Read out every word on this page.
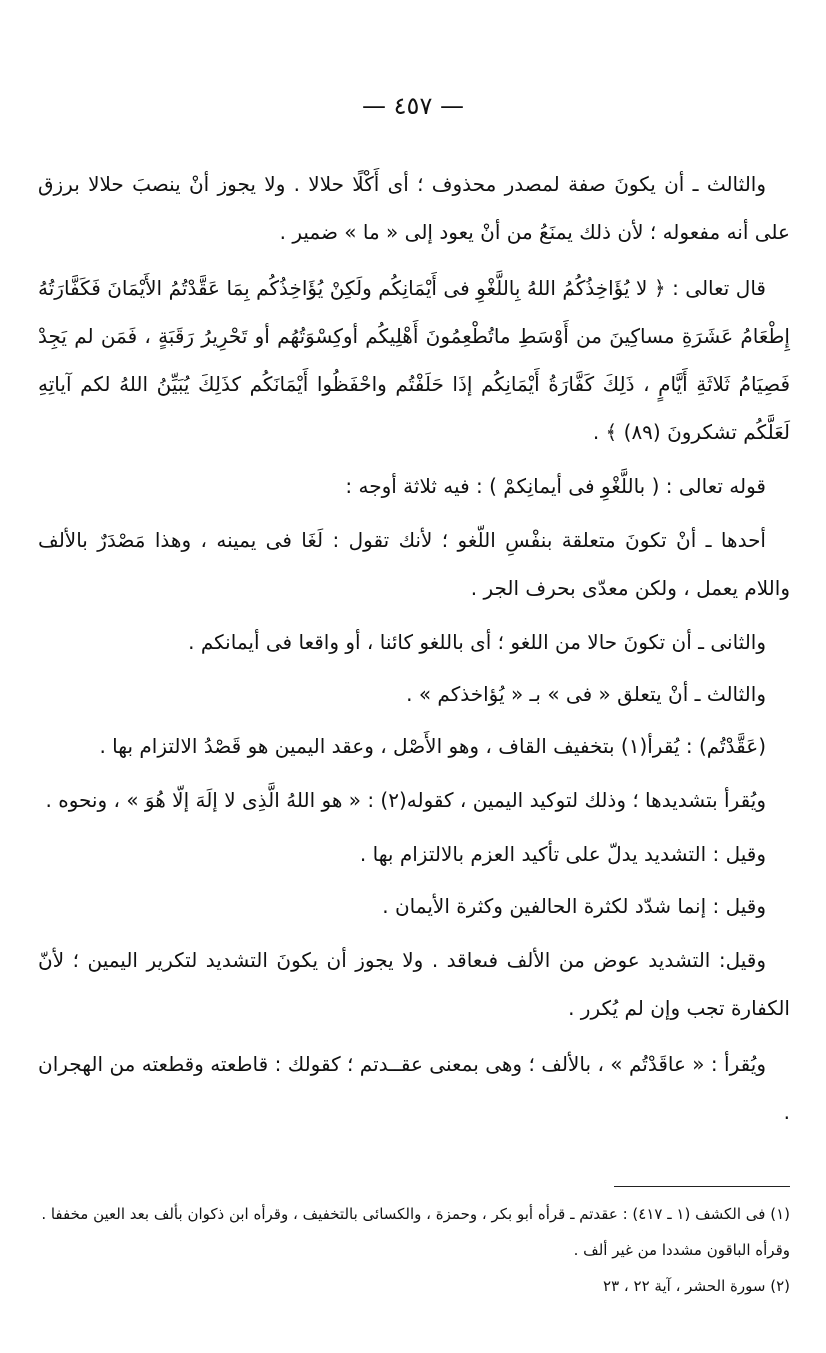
— ٤٥٧ —

والثالث ـ أن يكونَ صفة لمصدر محذوف ؛ أى أَكْلًا حلالا . ولا يجوز أنْ ينصبَ حلالا برزق على أنه مفعوله ؛ لأن ذلك يمنَعُ من أنْ يعود إلى « ما » ضمير .

قال تعالى : ﴿ لا يُؤَاخِذُكُمُ اللهُ بِاللَّغْوِ فى أَيْمَانِكُم ولَكِنْ يُؤَاخِذُكُم بِمَا عَقَّدْتُمُ الأَيْمَانَ فَكَفَّارَتُهُ إِطْعَامُ عَشَرَةِ مساكِينَ من أَوْسَطِ ماتُطْعِمُونَ أَهْلِيكُم أوكِسْوَتُهُم أو تَحْرِيرُ رَقَبَةٍ ، فَمَن لم يَجِدْ فَصِيَامُ ثَلاثَةِ أَيَّامٍ ، ذَلِكَ كَفَّارَةُ أَيْمَانِكُم إذَا حَلَفْتُم واحْفَظُوا أَيْمَانَكُم كذَلِكَ يُبَيِّنُ اللهُ لكم آياتِهِ لَعَلَّكُم تشكرونَ (٨٩) ﴾ .

قوله تعالى : ( باللَّغْوِ فى أيمانِكمْ ) : فيه ثلاثة أوجه :

أحدها ـ أنْ تكونَ متعلقة بنفْسِ اللّغو ؛ لأنك تقول : لَغَا فى يمينه ، وهذا مَصْدَرٌ بالألف واللام يعمل ، ولكن معدّى بحرف الجر .

والثانى ـ أن تكونَ حالا من اللغو ؛ أى باللغو كائنا ، أو واقعا فى أيمانكم .

والثالث ـ أنْ يتعلق « فى » بـ « يُؤاخذكم » .

(عَقَّدْتُم) : يُقرأ(١) بتخفيف القاف ، وهو الأَصْل ، وعقد اليمين هو قَصْدُ الالتزام بها .

ويُقرأ بتشديدها ؛ وذلك لتوكيد اليمين ، كقوله(٢) : « هو اللهُ الَّذِى لا إلَهَ إلّا هُوَ » ، ونحوه .

وقيل : التشديد يدلّ على تأكيد العزم بالالتزام بها .

وقيل : إنما شدّد لكثرة الحالفين وكثرة الأيمان .

وقيل: التشديد عوض من الألف فىعاقد . ولا يجوز أن يكونَ التشديد لتكرير اليمين ؛ لأنّ الكفارة تجب وإن لم يُكرر .

ويُقرأ : « عاقَدْتُم » ، بالألف ؛ وهى بمعنى عقــدتم ؛ كقولك : قاطعته وقطعته من الهجران .

(١) فى الكشف (١ ـ ٤١٧) : عقدتم ـ قرأه أبو بكر ، وحمزة ، والكسائى بالتخفيف ، وقرأه ابن ذكوان بألف بعد العين مخففا . وقرأه الباقون مشددا من غير ألف .

(٢) سورة الحشر ، آية ٢٢ ، ٢٣
